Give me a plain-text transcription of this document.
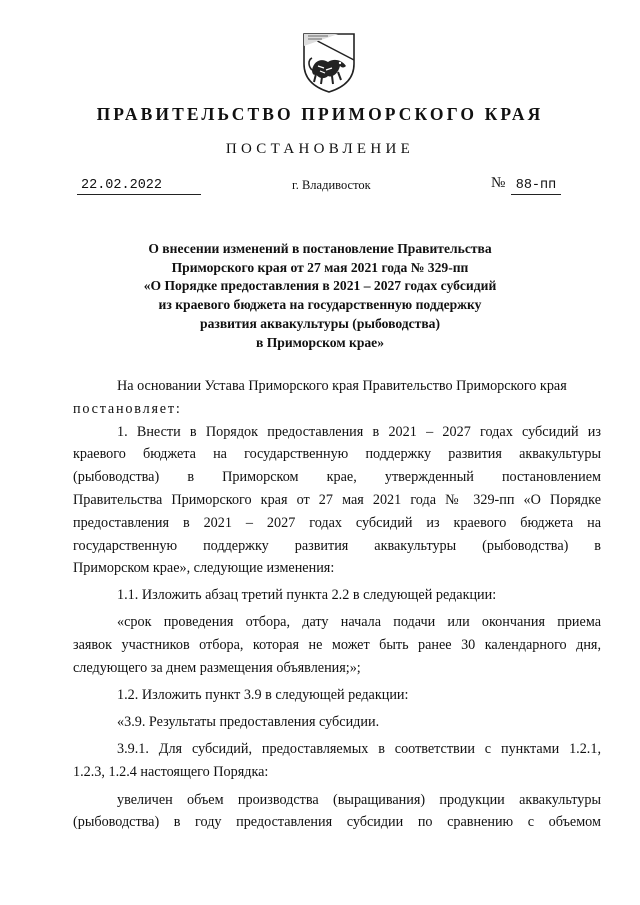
ПРАВИТЕЛЬСТВО ПРИМОРСКОГО КРАЯ
ПОСТАНОВЛЕНИЕ
22.02.2022	г. Владивосток	№ 88-пп
О внесении изменений в постановление Правительства
Приморского края от 27 мая 2021 года № 329-пп
«О Порядке предоставления в 2021 – 2027 годах субсидий
из краевого бюджета на государственную поддержку
развития аквакультуры (рыбоводства)
в Приморском крае»
На основании Устава Приморского края Правительство Приморского края
постановляет:
1. Внести в Порядок предоставления в 2021 – 2027 годах субсидий из
краевого бюджета на государственную поддержку развития аквакультуры
(рыбоводства) в Приморском крае, утвержденный постановлением
Правительства Приморского края от 27 мая 2021 года № 329-пп «О Порядке
предоставления в 2021 – 2027 годах субсидий из краевого бюджета на
государственную поддержку развития аквакультуры (рыбоводства) в
Приморском крае», следующие изменения:
1.1. Изложить абзац третий пункта 2.2 в следующей редакции:
«срок проведения отбора, дату начала подачи или окончания приема
заявок участников отбора, которая не может быть ранее 30 календарного дня,
следующего за днем размещения объявления;»;
1.2. Изложить пункт 3.9 в следующей редакции:
«3.9. Результаты предоставления субсидии.
3.9.1. Для субсидий, предоставляемых в соответствии с пунктами 1.2.1,
1.2.3, 1.2.4 настоящего Порядка:
увеличен объем производства (выращивания) продукции аквакультуры
(рыбоводства) в году предоставления субсидии по сравнению с объемом
